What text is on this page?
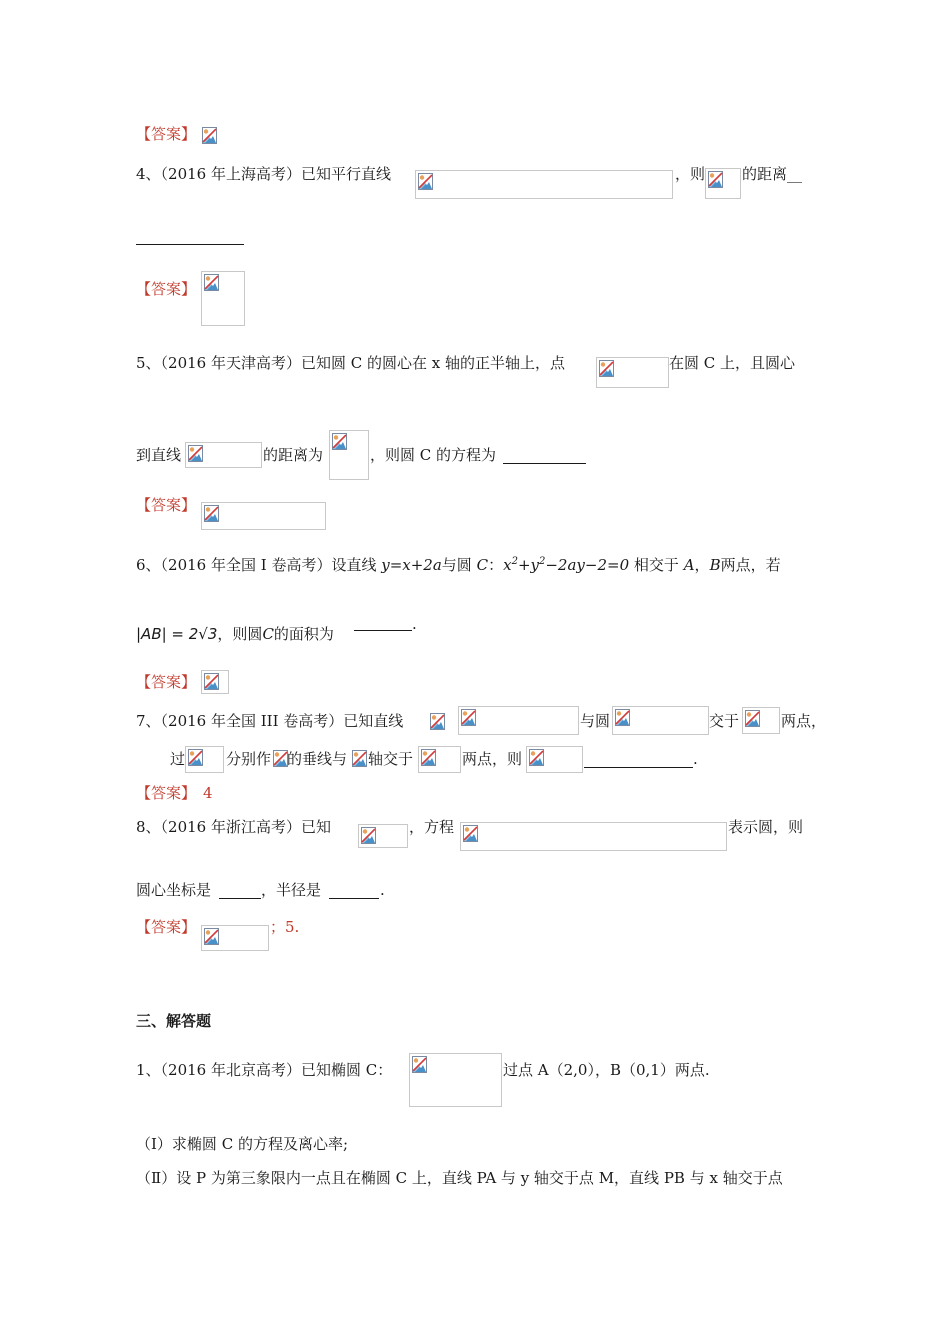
【答案】
4、（2016 年上海高考）已知平行直线	，则 的距离__
【答案】
5、（2016 年天津高考）已知圆 C 的圆心在 x 轴的正半轴上，点	在圆 C 上，且圆心
到直线	的距离为	，则圆 C 的方程为
【答案】
6、（2016 年全国 I 卷高考）设直线 y=x+2a与圆 C：$x^2+y^2-2ay-2=0$ 相交于 A，B两点，若
|AB| = 2√3，则圆C的面积为
.
【答案】
7、（2016 年全国 III 卷高考）已知直线	与圆	交于	两点，
过	分别作 的垂线与 轴交于	两点，则	.
【答案】 4
8、（2016 年浙江高考）已知	，方程	表示圆，则
圆心坐标是	，半径是	.
【答案】	；5.
三、解答题
1、（2016 年北京高考）已知椭圆 C：	过点 A（2,0），B（0,1）两点.
（I）求椭圆 C 的方程及离心率;
（Ⅱ）设 P 为第三象限内一点且在椭圆 C 上，直线 PA 与 y 轴交于点 M，直线 PB 与 x 轴交于点
